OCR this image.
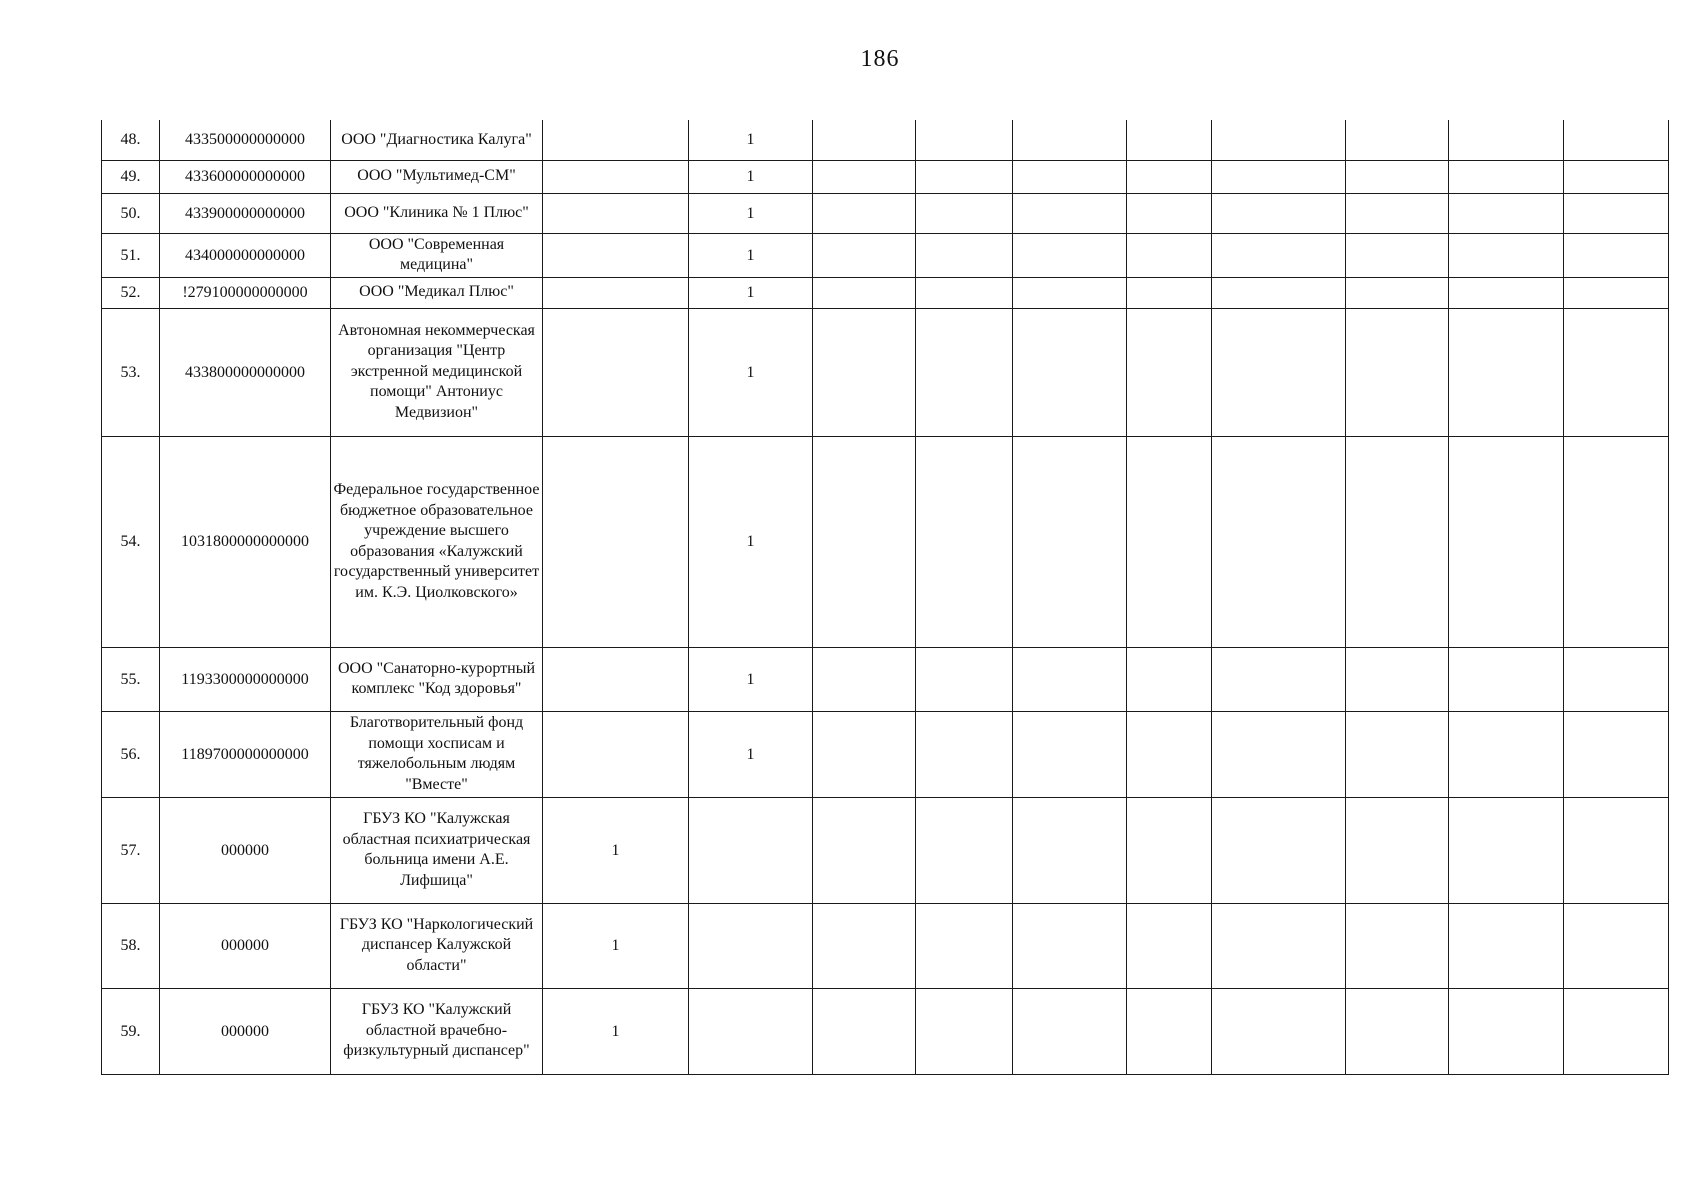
186
48.	433500000000000	ООО "Диагностика Калуга"		1								
49.	433600000000000	ООО "Мультимед-СМ"		1								
50.	433900000000000	ООО "Клиника № 1 Плюс"		1								
51.	434000000000000	ООО "Современная медицина"		1								
52.	!279100000000000	ООО "Медикал Плюс"		1								
53.	433800000000000	Автономная некоммерческая организация "Центр экстренной медицинской помощи" Антониус Медвизион"		1								
54.	1031800000000000	Федеральное государственное бюджетное образовательное учреждение высшего образования «Калужский государственный университет им. К.Э. Циолковского»		1								
55.	1193300000000000	ООО "Санаторно-курортный комплекс "Код здоровья"		1								
56.	1189700000000000	Благотворительный фонд помощи хосписам и тяжелобольным людям "Вместе"		1								
57.	000000	ГБУЗ КО "Калужская областная психиатрическая больница имени А.Е. Лифшица"	1									
58.	000000	ГБУЗ КО "Наркологический диспансер Калужской области"	1									
59.	000000	ГБУЗ КО "Калужский областной врачебно-физкультурный диспансер"	1									
